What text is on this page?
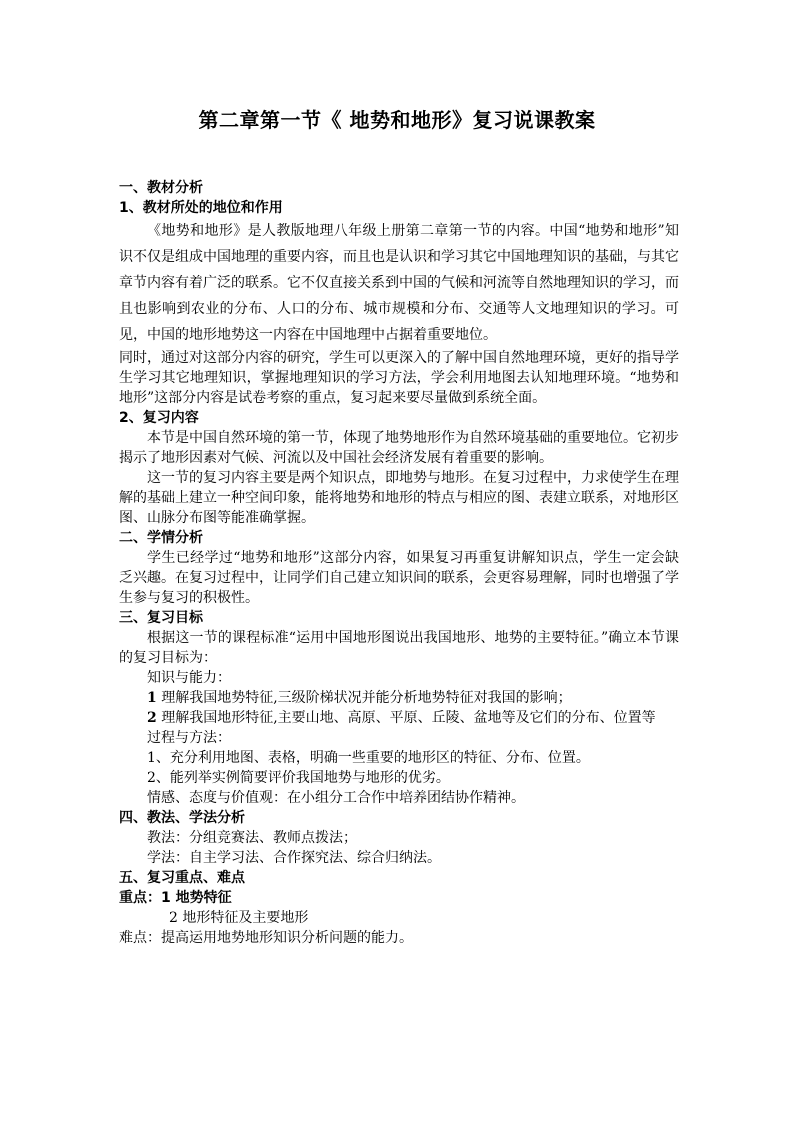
第二章第一节《 地势和地形》复习说课教案
一、教材分析
1、教材所处的地位和作用
《地势和地形》是人教版地理八年级上册第二章第一节的内容。中国“地势和地形”知识不仅是组成中国地理的重要内容，而且也是认识和学习其它中国地理知识的基础，与其它章节内容有着广泛的联系。它不仅直接关系到中国的气候和河流等自然地理知识的学习，而且也影响到农业的分布、人口的分布、城市规模和分布、交通等人文地理知识的学习。可见，中国的地形地势这一内容在中国地理中占据着重要地位。
同时，通过对这部分内容的研究，学生可以更深入的了解中国自然地理环境，更好的指导学生学习其它地理知识，掌握地理知识的学习方法，学会利用地图去认知地理环境。“地势和地形”这部分内容是试卷考察的重点，复习起来要尽量做到系统全面。
2、复习内容
本节是中国自然环境的第一节，体现了地势地形作为自然环境基础的重要地位。它初步揭示了地形因素对气候、河流以及中国社会经济发展有着重要的影响。
这一节的复习内容主要是两个知识点，即地势与地形。在复习过程中，力求使学生在理解的基础上建立一种空间印象，能将地势和地形的特点与相应的图、表建立联系，对地形区图、山脉分布图等能准确掌握。
二、学情分析
学生已经学过“地势和地形”这部分内容，如果复习再重复讲解知识点，学生一定会缺乏兴趣。在复习过程中，让同学们自己建立知识间的联系，会更容易理解，同时也增强了学生参与复习的积极性。
三、复习目标
根据这一节的课程标准“运用中国地形图说出我国地形、地势的主要特征。”确立本节课的复习目标为：
知识与能力：
1 理解我国地势特征,三级阶梯状况并能分析地势特征对我国的影响；
2 理解我国地形特征,主要山地、高原、平原、丘陵、盆地等及它们的分布、位置等
过程与方法：
1、充分利用地图、表格，明确一些重要的地形区的特征、分布、位置。
2、能列举实例简要评价我国地势与地形的优劣。
情感、态度与价值观：在小组分工合作中培养团结协作精神。
四、教法、学法分析
教法：分组竞赛法、教师点拨法；
学法：自主学习法、合作探究法、综合归纳法。
五、复习重点、难点
重点：1 地势特征
2 地形特征及主要地形
难点：提高运用地势地形知识分析问题的能力。
